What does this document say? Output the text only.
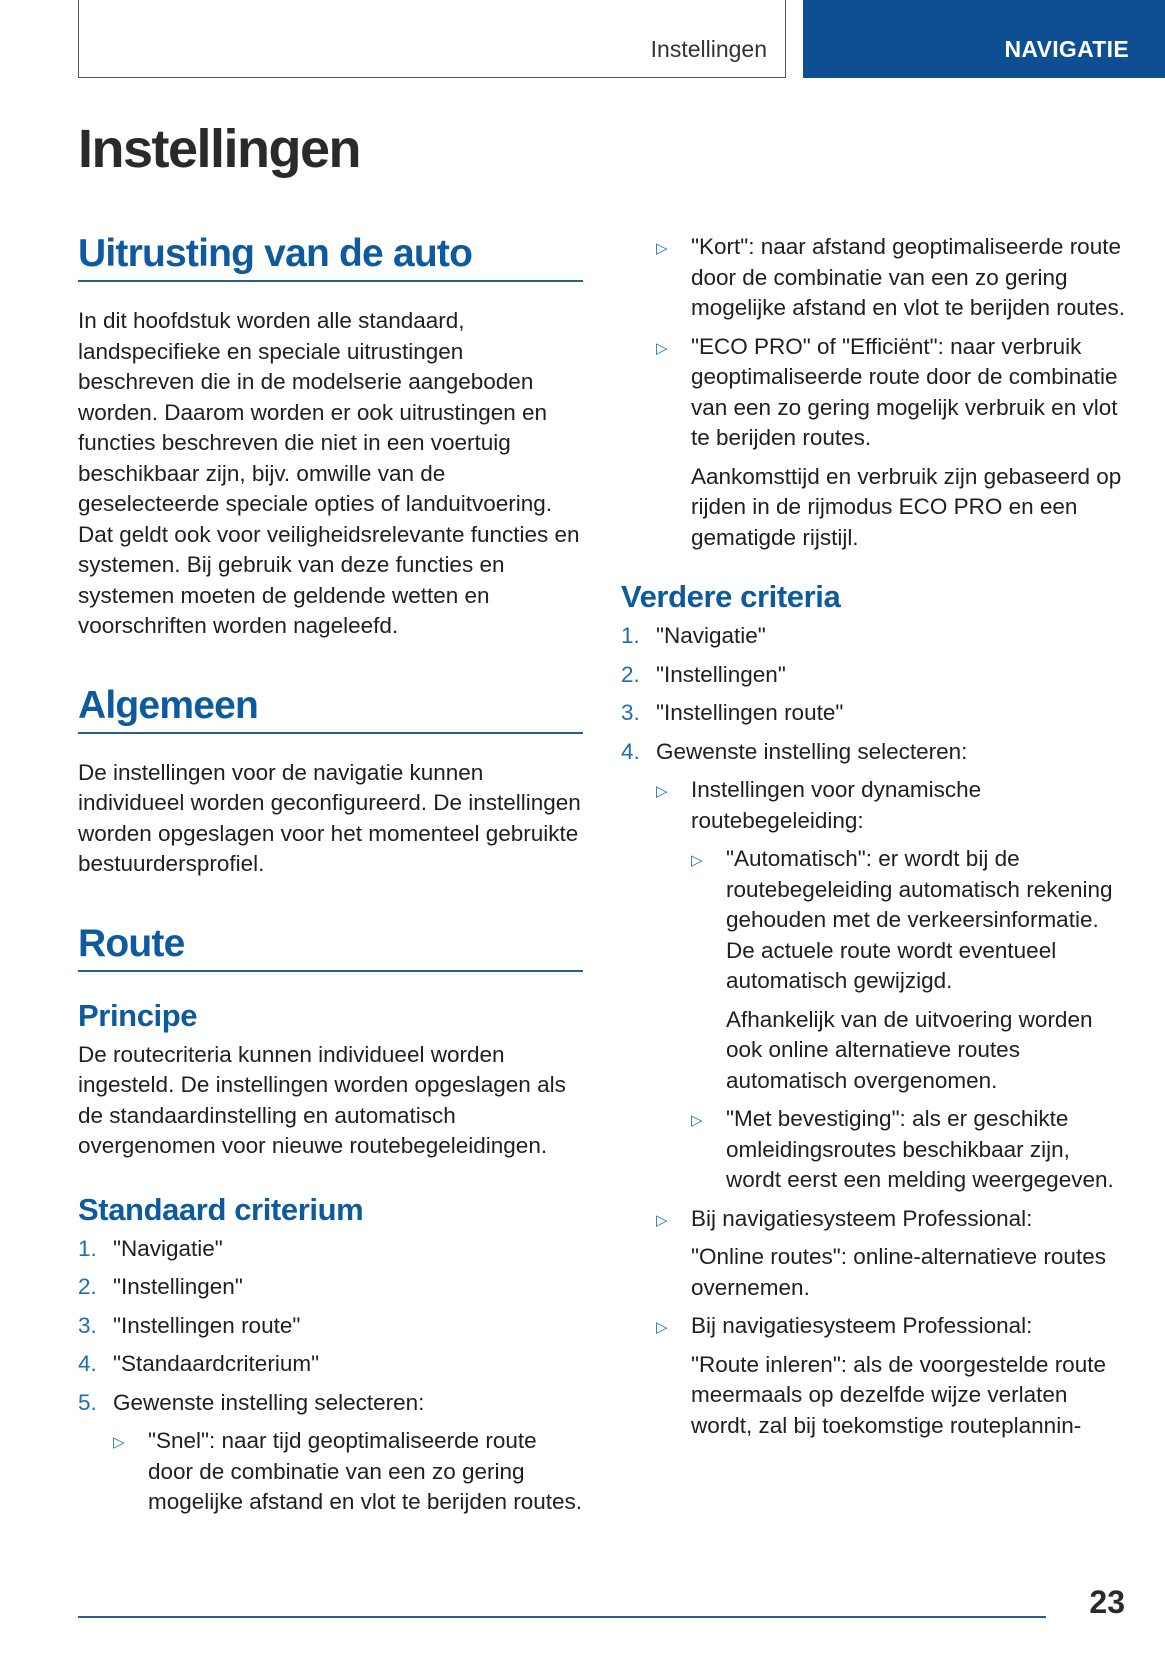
Instellingen	NAVIGATIE
Instellingen
Uitrusting van de auto

In dit hoofdstuk worden alle standaard, landspecifieke en speciale uitrustingen beschreven die in de modelserie aangeboden worden. Daarom worden er ook uitrustingen en functies beschreven die niet in een voertuig beschikbaar zijn, bijv. omwille van de geselecteerde speciale opties of landuitvoering. Dat geldt ook voor veiligheidsrelevante functies en systemen. Bij gebruik van deze functies en systemen moeten de geldende wetten en voorschriften worden nageleefd.

Algemeen

De instellingen voor de navigatie kunnen individueel worden geconfigureerd. De instellingen worden opgeslagen voor het momenteel gebruikte bestuurdersprofiel.

Route
Principe

De routecriteria kunnen individueel worden ingesteld. De instellingen worden opgeslagen als de standaardinstelling en automatisch overgenomen voor nieuwe routebegeleidingen.

Standaard criterium
1. "Navigatie"
2. "Instellingen"
3. "Instellingen route"
4. "Standaardcriterium"
5. Gewenste instelling selecteren:
▷	"Snel": naar tijd geoptimaliseerde route door de combinatie van een zo gering mogelijke afstand en vlot te berijden routes.
▷	"Kort": naar afstand geoptimaliseerde route door de combinatie van een zo gering mogelijke afstand en vlot te berijden routes.
▷	"ECO PRO" of "Efficiënt": naar verbruik geoptimaliseerde route door de combinatie van een zo gering mogelijk verbruik en vlot te berijden routes.

Aankomsttijd en verbruik zijn gebaseerd op rijden in de rijmodus ECO PRO en een gematigde rijstijl.

Verdere criteria
1. "Navigatie"
2. "Instellingen"
3. "Instellingen route"
4. Gewenste instelling selecteren:
▷	Instellingen voor dynamische routebegeleiding:
▷	"Automatisch": er wordt bij de routebegeleiding automatisch rekening gehouden met de verkeersinformatie. De actuele route wordt eventueel automatisch gewijzigd.

Afhankelijk van de uitvoering worden ook online alternatieve routes automatisch overgenomen.

▷	"Met bevestiging": als er geschikte omleidingsroutes beschikbaar zijn, wordt eerst een melding weergegeven.
▷	Bij navigatiesysteem Professional:

"Online routes": online-alternatieve routes overnemen.

▷	Bij navigatiesysteem Professional:

"Route inleren": als de voorgestelde route meermaals op dezelfde wijze verlaten wordt, zal bij toekomstige routeplannin-

23
